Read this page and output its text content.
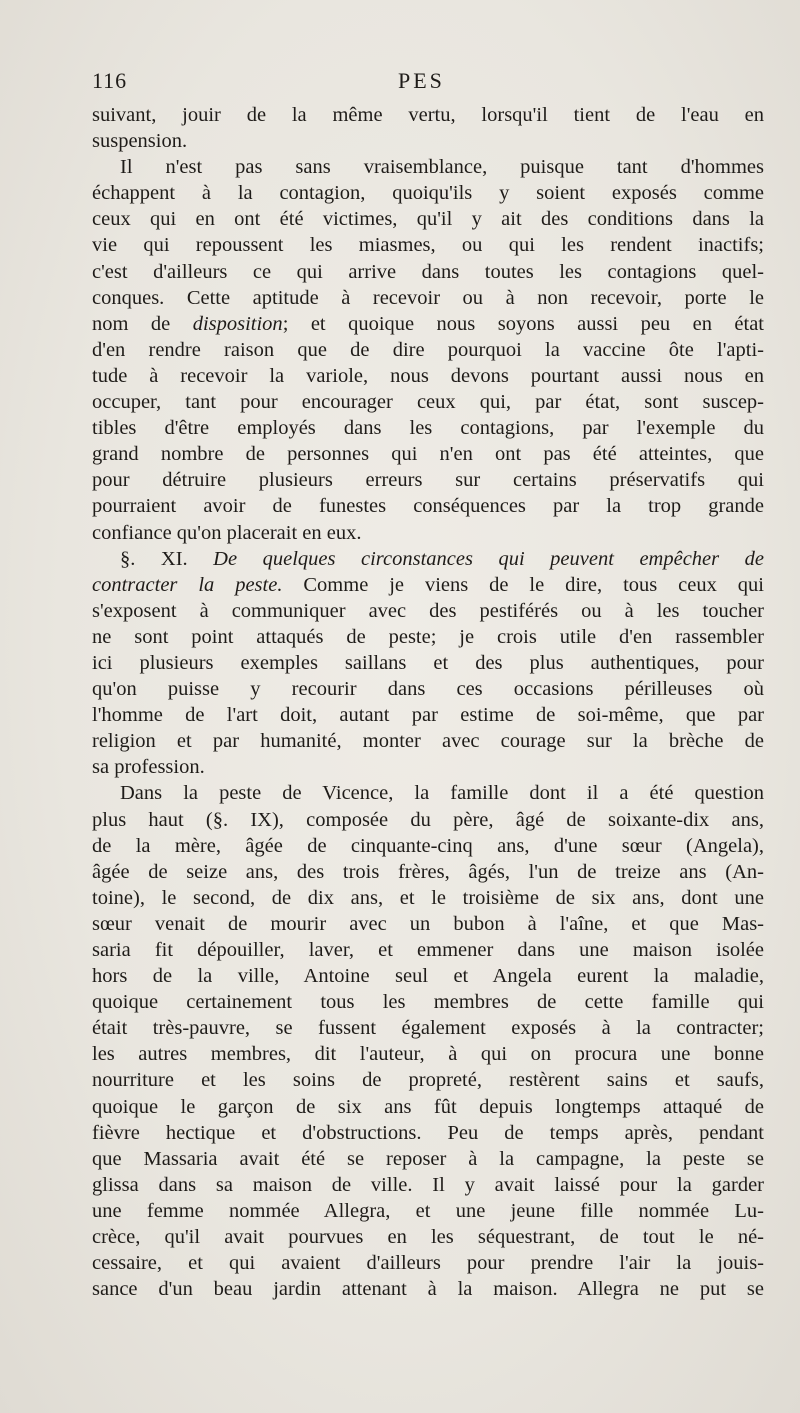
116	PES
suivant, jouir de la même vertu, lorsqu'il tient de l'eau en
suspension.
Il n'est pas sans vraisemblance, puisque tant d'hommes
échappent à la contagion, quoiqu'ils y soient exposés comme
ceux qui en ont été victimes, qu'il y ait des conditions dans la
vie qui repoussent les miasmes, ou qui les rendent inactifs;
c'est d'ailleurs ce qui arrive dans toutes les contagions quel-
conques. Cette aptitude à recevoir ou à non recevoir, porte le
nom de disposition; et quoique nous soyons aussi peu en état
d'en rendre raison que de dire pourquoi la vaccine ôte l'apti-
tude à recevoir la variole, nous devons pourtant aussi nous en
occuper, tant pour encourager ceux qui, par état, sont suscep-
tibles d'être employés dans les contagions, par l'exemple du
grand nombre de personnes qui n'en ont pas été atteintes, que
pour détruire plusieurs erreurs sur certains préservatifs qui
pourraient avoir de funestes conséquences par la trop grande
confiance qu'on placerait en eux.
§. XI. De quelques circonstances qui peuvent empêcher de
contracter la peste. Comme je viens de le dire, tous ceux qui
s'exposent à communiquer avec des pestiférés ou à les toucher
ne sont point attaqués de peste; je crois utile d'en rassembler
ici plusieurs exemples saillans et des plus authentiques, pour
qu'on puisse y recourir dans ces occasions périlleuses où
l'homme de l'art doit, autant par estime de soi-même, que par
religion et par humanité, monter avec courage sur la brèche de
sa profession.
Dans la peste de Vicence, la famille dont il a été question
plus haut (§. IX), composée du père, âgé de soixante-dix ans,
de la mère, âgée de cinquante-cinq ans, d'une sœur (Angela),
âgée de seize ans, des trois frères, âgés, l'un de treize ans (An-
toine), le second, de dix ans, et le troisième de six ans, dont une
sœur venait de mourir avec un bubon à l'aîne, et que Mas-
saria fit dépouiller, laver, et emmener dans une maison isolée
hors de la ville, Antoine seul et Angela eurent la maladie,
quoique certainement tous les membres de cette famille qui
était très-pauvre, se fussent également exposés à la contracter;
les autres membres, dit l'auteur, à qui on procura une bonne
nourriture et les soins de propreté, restèrent sains et saufs,
quoique le garçon de six ans fût depuis longtemps attaqué de
fièvre hectique et d'obstructions. Peu de temps après, pendant
que Massaria avait été se reposer à la campagne, la peste se
glissa dans sa maison de ville. Il y avait laissé pour la garder
une femme nommée Allegra, et une jeune fille nommée Lu-
crèce, qu'il avait pourvues en les séquestrant, de tout le né-
cessaire, et qui avaient d'ailleurs pour prendre l'air la jouis-
sance d'un beau jardin attenant à la maison. Allegra ne put se
